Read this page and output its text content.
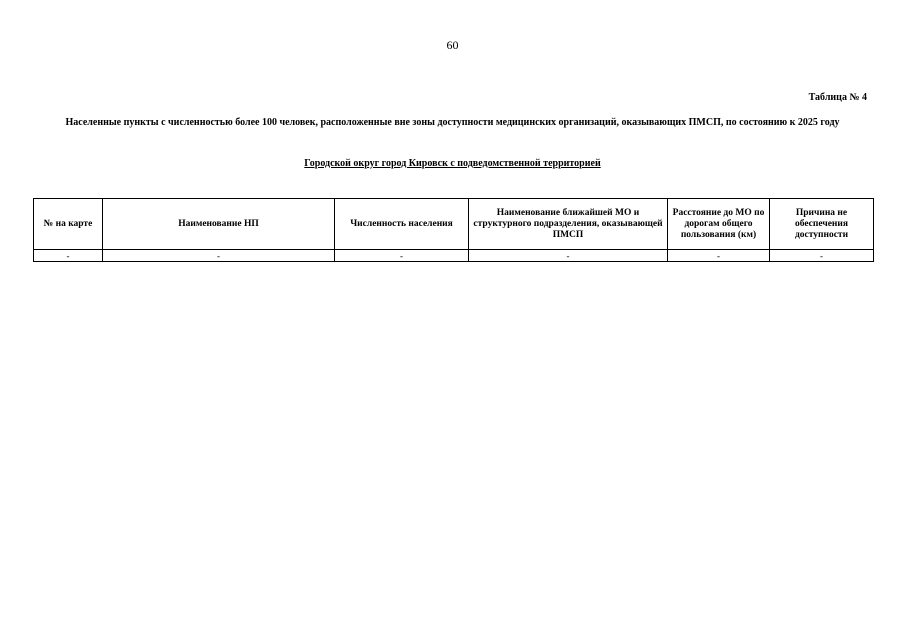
60
Таблица № 4
Населенные пункты с численностью более 100 человек, расположенные вне зоны доступности медицинских организаций, оказывающих ПМСП, по состоянию к 2025 году
Городской округ город Кировск с подведомственной территорией
№ на карте	Наименование НП	Численность населения	Наименование ближайшей МО и структурного подразделения, оказывающей ПМСП	Расстояние до МО по дорогам общего пользования (км)	Причина не обеспечения доступности
-	-	-	-	-	-
